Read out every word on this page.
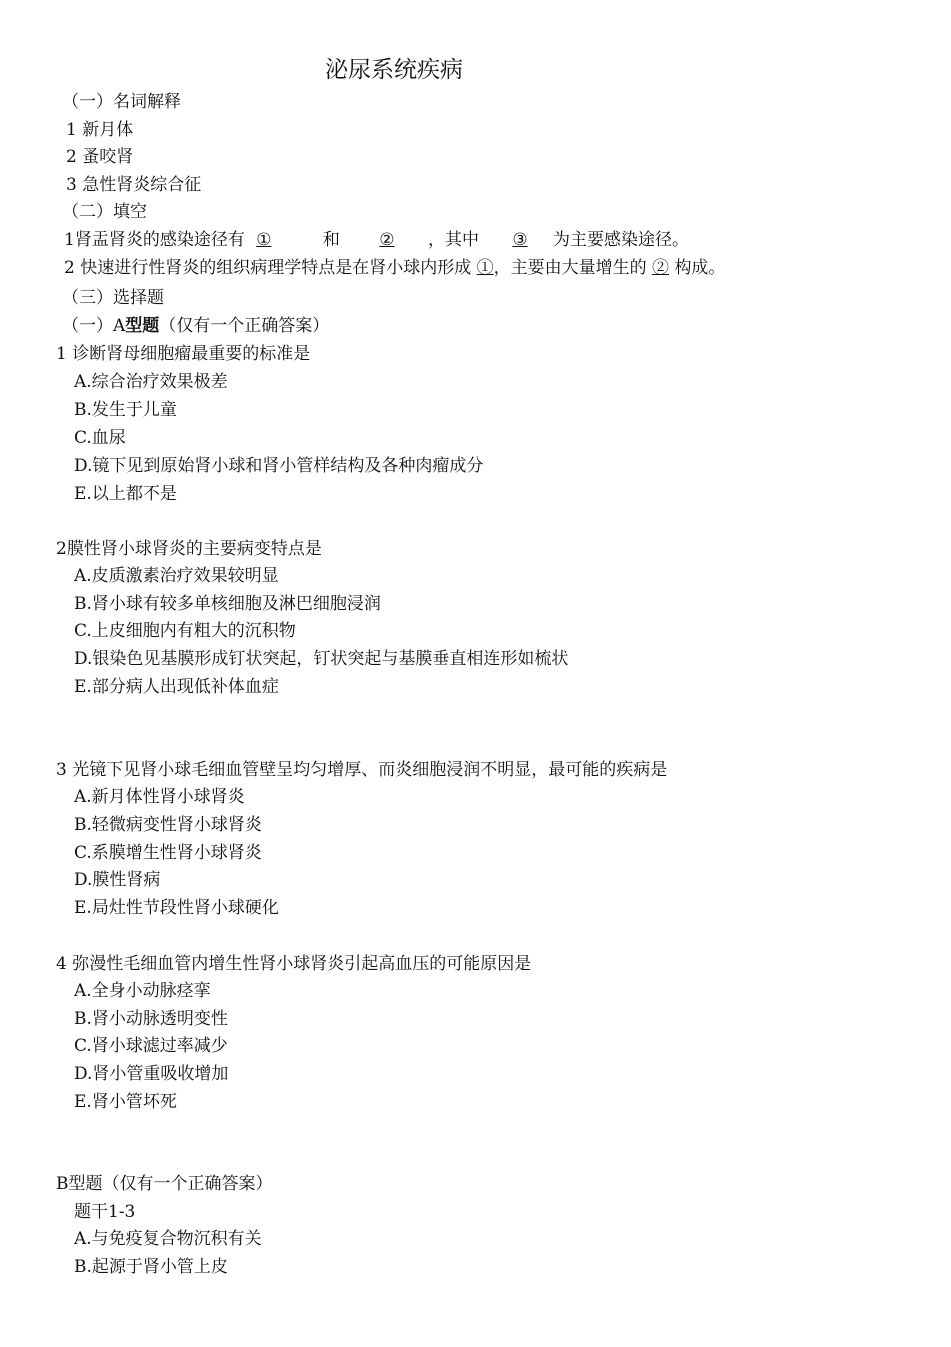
泌尿系统疾病
（一）名词解释
1 新月体
2 蚤咬肾
3 急性肾炎综合征
（二）填空
1肾盂肾炎的感染途径有 ①	和 ② ，其中 ③ 为主要感染途径。
2 快速进行性肾炎的组织病理学特点是在肾小球内形成 ①，主要由大量增生的 ② 构成。
（三）选择题
（一）A型题（仅有一个正确答案）
1 诊断肾母细胞瘤最重要的标准是
A.综合治疗效果极差
B.发生于儿童
C.血尿
D.镜下见到原始肾小球和肾小管样结构及各种肉瘤成分
E.以上都不是
2膜性肾小球肾炎的主要病变特点是
A.皮质激素治疗效果较明显
B.肾小球有较多单核细胞及淋巴细胞浸润
C.上皮细胞内有粗大的沉积物
D.银染色见基膜形成钉状突起，钉状突起与基膜垂直相连形如梳状
E.部分病人出现低补体血症
3 光镜下见肾小球毛细血管壁呈均匀增厚、而炎细胞浸润不明显，最可能的疾病是
A.新月体性肾小球肾炎
B.轻微病变性肾小球肾炎
C.系膜增生性肾小球肾炎
D.膜性肾病
E.局灶性节段性肾小球硬化
4 弥漫性毛细血管内增生性肾小球肾炎引起高血压的可能原因是
A.全身小动脉痉挛
B.肾小动脉透明变性
C.肾小球滤过率减少
D.肾小管重吸收增加
E.肾小管坏死
B型题（仅有一个正确答案）
题干1-3
A.与免疫复合物沉积有关
B.起源于肾小管上皮
